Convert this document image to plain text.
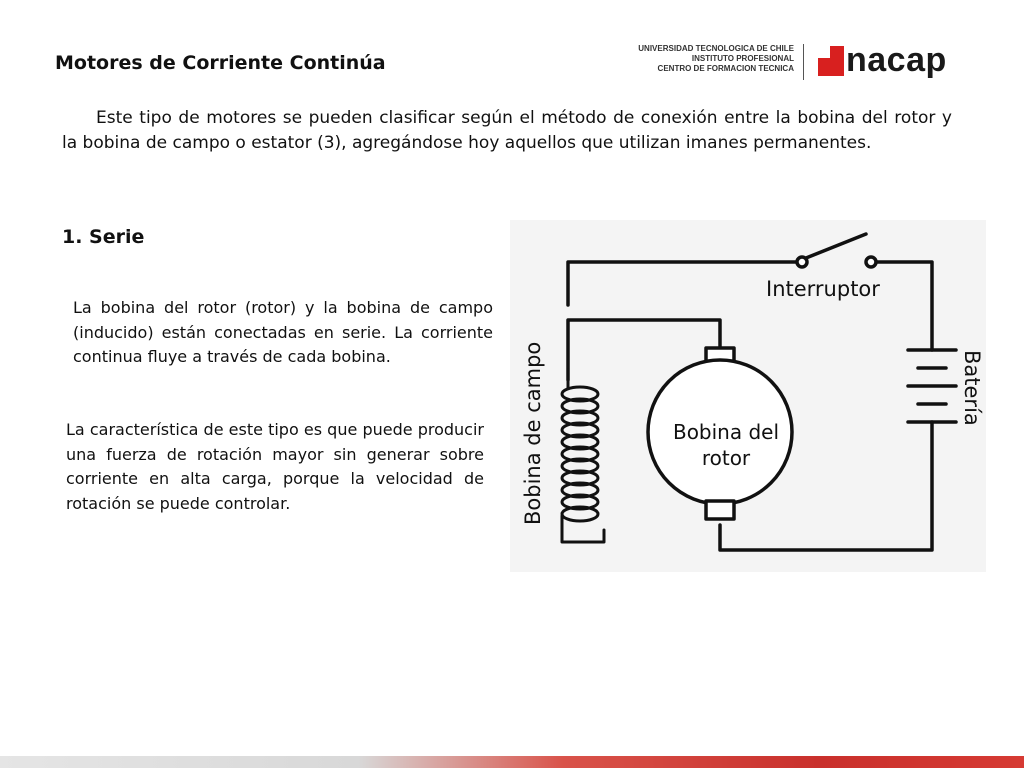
Motores de Corriente Continúa
UNIVERSIDAD TECNOLOGICA DE CHILE
INSTITUTO PROFESIONAL
CENTRO DE FORMACION TECNICA nacap
Este tipo de motores se pueden clasificar según el método de conexión entre la bobina del rotor y la bobina de campo o estator (3), agregándose hoy aquellos que utilizan imanes permanentes.
1. Serie
La bobina del rotor (rotor) y la bobina de campo (inducido) están conectadas en serie. La corriente continua fluye a través de cada bobina.
La característica de este tipo es que puede producir una fuerza de rotación mayor sin generar sobre corriente en alta carga, porque la velocidad de rotación se puede controlar.
Interruptor
Batería
Bobina de campo	Bobina del
rotor
